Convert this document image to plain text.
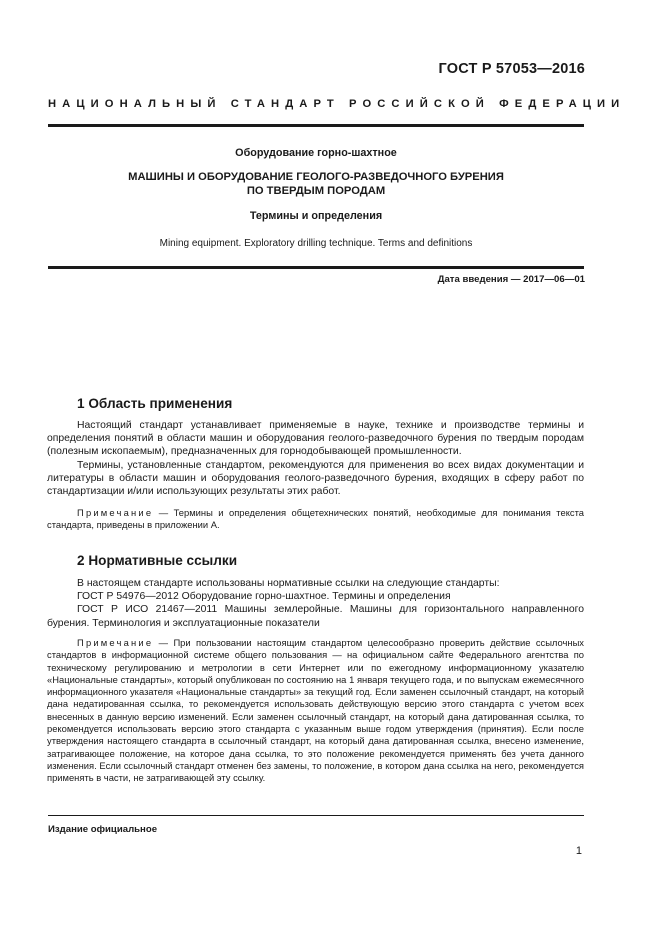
ГОСТ Р 57053—2016
НАЦИОНАЛЬНЫЙ СТАНДАРТ РОССИЙСКОЙ ФЕДЕРАЦИИ
Оборудование горно-шахтное
МАШИНЫ И ОБОРУДОВАНИЕ ГЕОЛОГО-РАЗВЕДОЧНОГО БУРЕНИЯ
ПО ТВЕРДЫМ ПОРОДАМ
Термины и определения
Mining equipment. Exploratory drilling technique. Terms and definitions
Дата введения — 2017—06—01
1 Область применения

Настоящий стандарт устанавливает применяемые в науке, технике и производстве термины и определения понятий в области машин и оборудования геолого-разведочного бурения по твердым породам (полезным ископаемым), предназначенных для горнодобывающей промышленности.

Термины, установленные стандартом, рекомендуются для применения во всех видах документации и литературы в области машин и оборудования геолого-разведочного бурения, входящих в сферу работ по стандартизации и/или использующих результаты этих работ.

Примечание — Термины и определения общетехнических понятий, необходимые для понимания текста стандарта, приведены в приложении А.

2 Нормативные ссылки

В настоящем стандарте использованы нормативные ссылки на следующие стандарты:

ГОСТ Р 54976—2012 Оборудование горно-шахтное. Термины и определения

ГОСТ Р ИСО 21467—2011 Машины землеройные. Машины для горизонтального направленного бурения. Терминология и эксплуатационные показатели

Примечание — При пользовании настоящим стандартом целесообразно проверить действие ссылочных стандартов в информационной системе общего пользования — на официальном сайте Федерального агентства по техническому регулированию и метрологии в сети Интернет или по ежегодному информационному указателю «Национальные стандарты», который опубликован по состоянию на 1 января текущего года, и по выпускам ежемесячного информационного указателя «Национальные стандарты» за текущий год. Если заменен ссылочный стандарт, на который дана недатированная ссылка, то рекомендуется использовать действующую версию этого стандарта с учетом всех внесенных в данную версию изменений. Если заменен ссылочный стандарт, на который дана датированная ссылка, то рекомендуется использовать версию этого стандарта с указанным выше годом утверждения (принятия). Если после утверждения настоящего стандарта в ссылочный стандарт, на который дана датированная ссылка, внесено изменение, затрагивающее положение, на которое дана ссылка, то это положение рекомендуется применять без учета данного изменения. Если ссылочный стандарт отменен без замены, то положение, в котором дана ссылка на него, рекомендуется применять в части, не затрагивающей эту ссылку.

Издание официальное
1
